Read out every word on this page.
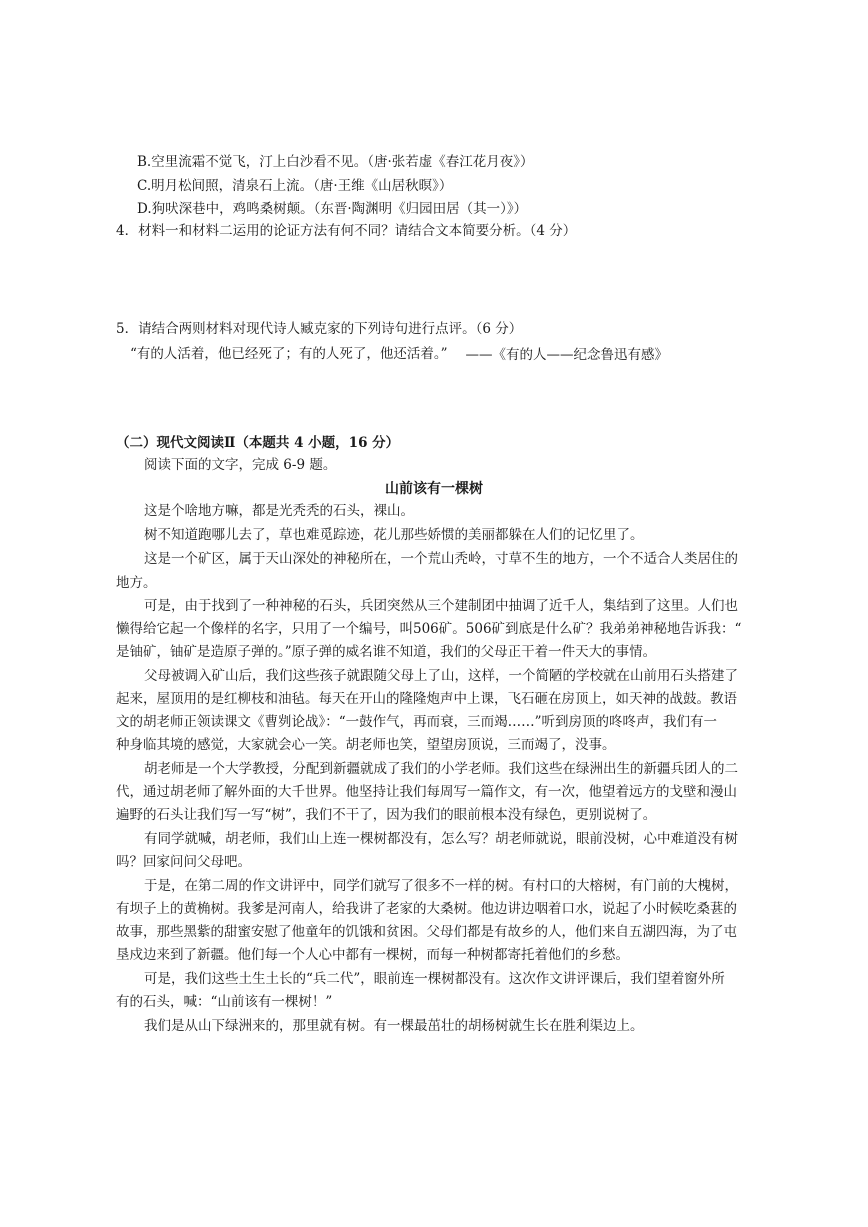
B.空里流霜不觉飞，汀上白沙看不见。（唐·张若虚《春江花月夜》）
C.明月松间照，清泉石上流。（唐·王维《山居秋暝》）
D.狗吠深巷中，鸡鸣桑树颠。（东晋·陶渊明《归园田居（其一）》）
4．材料一和材料二运用的论证方法有何不同？请结合文本简要分析。（4 分）
5．请结合两则材料对现代诗人臧克家的下列诗句进行点评。（6 分）
“有的人活着，他已经死了；有的人死了，他还活着。” ——《有的人——纪念鲁迅有感》
（二）现代文阅读Ⅱ（本题共 4 小题，16 分）
阅读下面的文字，完成 6-9 题。
山前该有一棵树
这是个啥地方嘛，都是光秃秃的石头，裸山。
树不知道跑哪儿去了，草也难觅踪迹，花儿那些娇惯的美丽都躲在人们的记忆里了。
这是一个矿区，属于天山深处的神秘所在，一个荒山秃岭，寸草不生的地方，一个不适合人类居住的
地方。
可是，由于找到了一种神秘的石头，兵团突然从三个建制团中抽调了近千人，集结到了这里。人们也
懒得给它起一个像样的名字，只用了一个编号，叫506矿。506矿到底是什么矿？我弟弟神秘地告诉我：“
是铀矿，铀矿是造原子弹的。”原子弹的威名谁不知道，我们的父母正干着一件天大的事情。
父母被调入矿山后，我们这些孩子就跟随父母上了山，这样，一个简陋的学校就在山前用石头搭建了
起来，屋顶用的是红柳枝和油毡。每天在开山的隆隆炮声中上课，飞石砸在房顶上，如天神的战鼓。教语
文的胡老师正领读课文《曹刿论战》：“一鼓作气，再而衰，三而竭……”听到房顶的咚咚声，我们有一
种身临其境的感觉，大家就会心一笑。胡老师也笑，望望房顶说，三而竭了，没事。
胡老师是一个大学教授，分配到新疆就成了我们的小学老师。我们这些在绿洲出生的新疆兵团人的二
代，通过胡老师了解外面的大千世界。他坚持让我们每周写一篇作文，有一次，他望着远方的戈壁和漫山
遍野的石头让我们写一写“树”，我们不干了，因为我们的眼前根本没有绿色，更别说树了。
有同学就喊，胡老师，我们山上连一棵树都没有，怎么写？胡老师就说，眼前没树，心中难道没有树
吗？回家问问父母吧。
于是，在第二周的作文讲评中，同学们就写了很多不一样的树。有村口的大榕树，有门前的大槐树，
有坝子上的黄桷树。我爹是河南人，给我讲了老家的大桑树。他边讲边咽着口水，说起了小时候吃桑葚的
故事，那些黑紫的甜蜜安慰了他童年的饥饿和贫困。父母们都是有故乡的人，他们来自五湖四海，为了屯
垦戍边来到了新疆。他们每一个人心中都有一棵树，而每一种树都寄托着他们的乡愁。
可是，我们这些土生土长的“兵二代”，眼前连一棵树都没有。这次作文讲评课后，我们望着窗外所
有的石头，喊：“山前该有一棵树！”
我们是从山下绿洲来的，那里就有树。有一棵最茁壮的胡杨树就生长在胜利渠边上。
